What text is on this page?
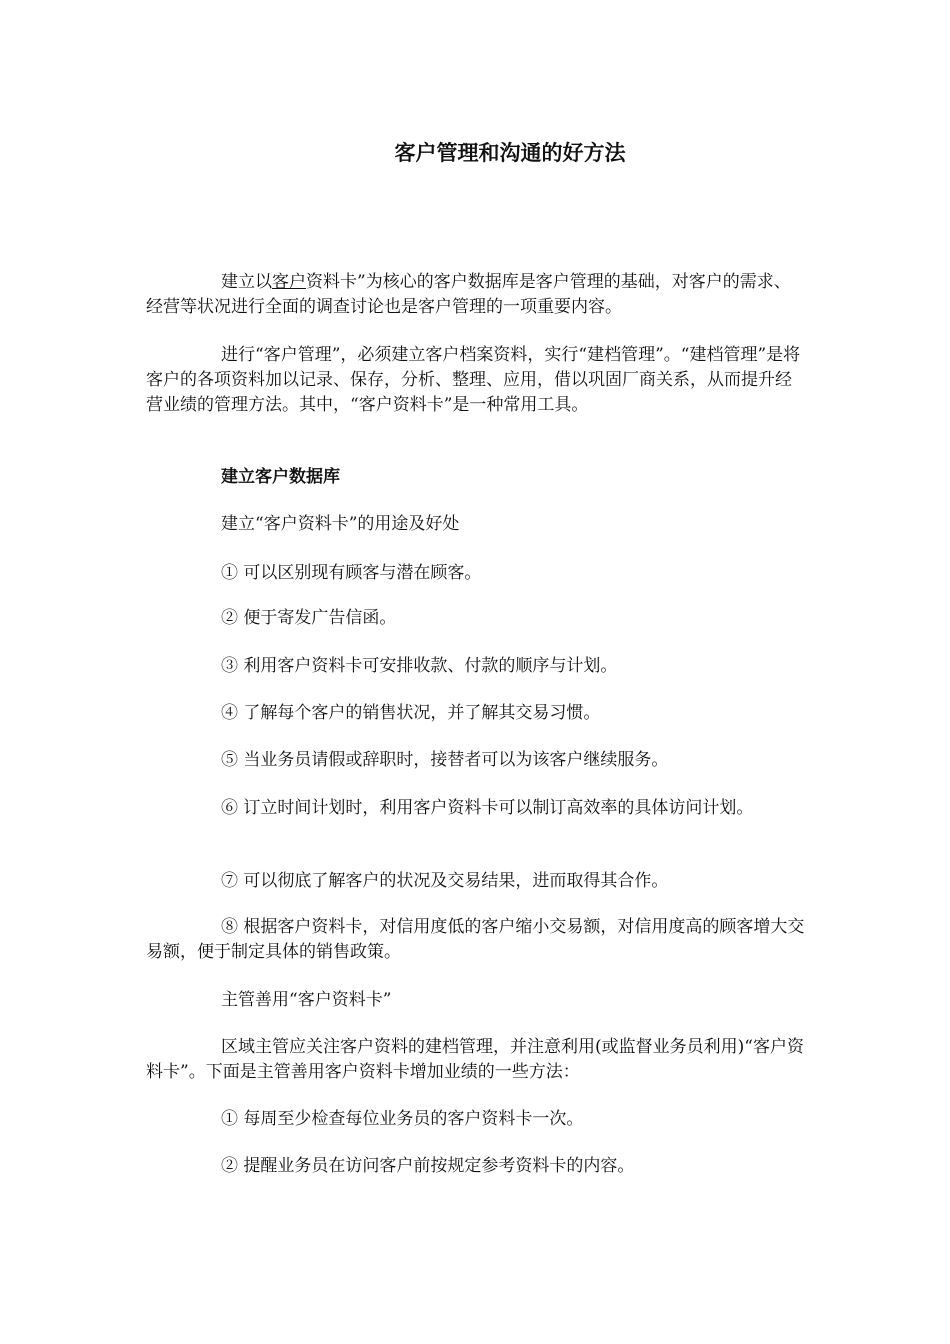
客户管理和沟通的好方法

建立以客户资料卡”为核心的客户数据库是客户管理的基础，对客户的需求、经营等状况进行全面的调查讨论也是客户管理的一项重要内容。

进行“客户管理”，必须建立客户档案资料，实行“建档管理”。“建档管理”是将客户的各项资料加以记录、保存，分析、整理、应用，借以巩固厂商关系，从而提升经营业绩的管理方法。其中，“客户资料卡”是一种常用工具。

建立客户数据库
建立“客户资料卡”的用途及好处
① 可以区别现有顾客与潜在顾客。
② 便于寄发广告信函。
③ 利用客户资料卡可安排收款、付款的顺序与计划。
④ 了解每个客户的销售状况，并了解其交易习惯。
⑤ 当业务员请假或辞职时，接替者可以为该客户继续服务。
⑥ 订立时间计划时，利用客户资料卡可以制订高效率的具体访问计划。
⑦ 可以彻底了解客户的状况及交易结果，进而取得其合作。

⑧ 根据客户资料卡，对信用度低的客户缩小交易额，对信用度高的顾客增大交易额，便于制定具体的销售政策。

主管善用“客户资料卡”

区域主管应关注客户资料的建档管理，并注意利用(或监督业务员利用)“客户资料卡”。下面是主管善用客户资料卡增加业绩的一些方法：

① 每周至少检查每位业务员的客户资料卡一次。
② 提醒业务员在访问客户前按规定参考资料卡的内容。
